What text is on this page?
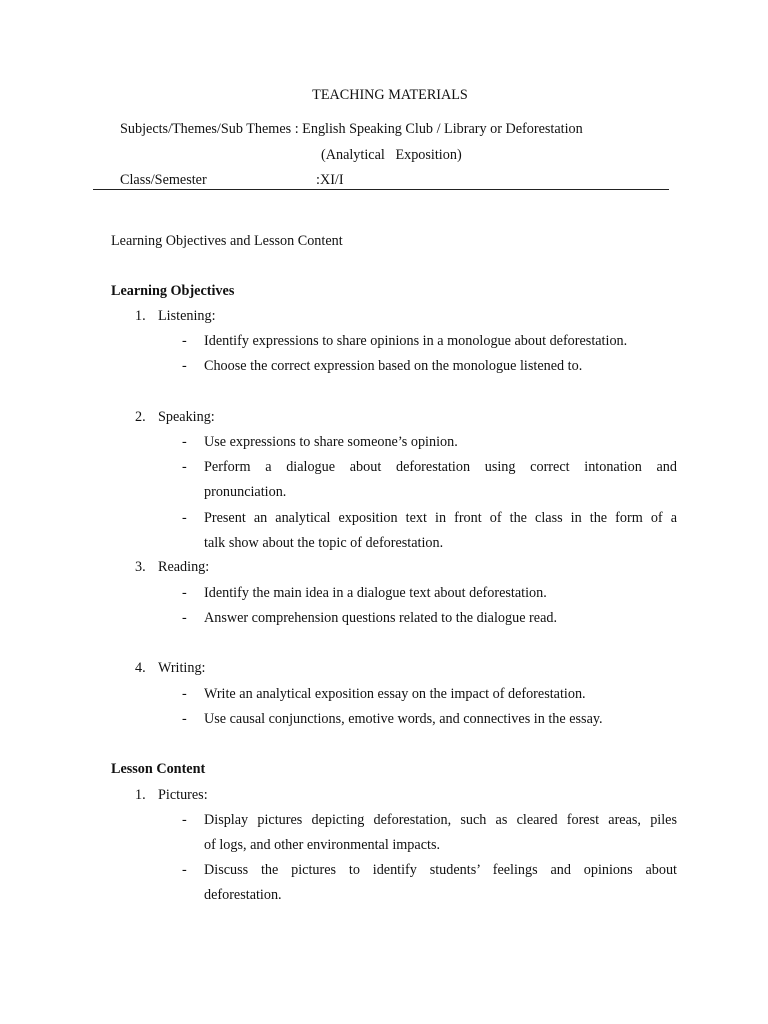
TEACHING MATERIALS
Subjects/Themes/Sub Themes : English Speaking Club / Library or Deforestation
(Analytical   Exposition)
Class/Semester	:XI/I
Learning Objectives and Lesson Content
Learning Objectives
1. Listening:
- Identify expressions to share opinions in a monologue about deforestation.
- Choose the correct expression based on the monologue listened to.
2. Speaking:
- Use expressions to share someone’s opinion.
- Perform a dialogue about deforestation using correct intonation and
pronunciation.
- Present an analytical exposition text in front of the class in the form of a
talk show about the topic of deforestation.
3. Reading:
- Identify the main idea in a dialogue text about deforestation.
- Answer comprehension questions related to the dialogue read.
4. Writing:
- Write an analytical exposition essay on the impact of deforestation.
- Use causal conjunctions, emotive words, and connectives in the essay.
Lesson Content
1. Pictures:
- Display pictures depicting deforestation, such as cleared forest areas, piles
of logs, and other environmental impacts.
- Discuss the pictures to identify students’ feelings and opinions about
deforestation.
